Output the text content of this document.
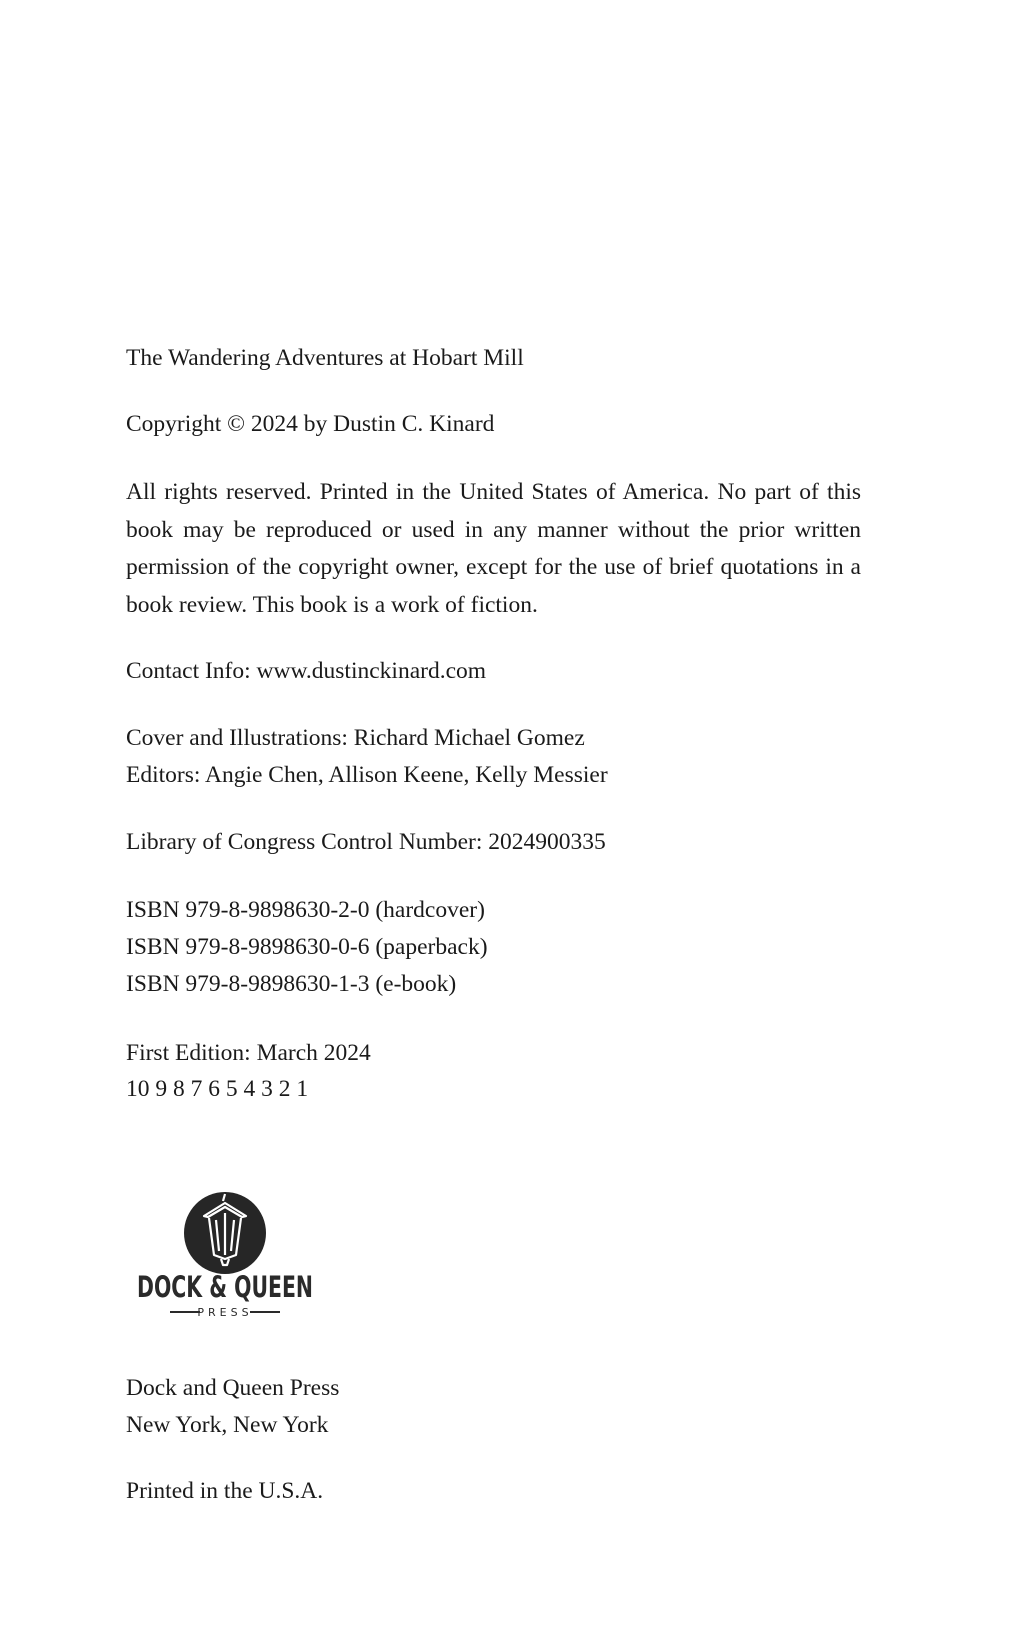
The Wandering Adventures at Hobart Mill
Copyright © 2024 by Dustin C. Kinard
All rights reserved. Printed in the United States of America. No part of this book may be reproduced or used in any manner without the prior written permission of the copyright owner, except for the use of brief quotations in a book review. This book is a work of fiction.
Contact Info: www.dustinckinard.com
Cover and Illustrations: Richard Michael Gomez
Editors: Angie Chen, Allison Keene, Kelly Messier
Library of Congress Control Number: 2024900335
ISBN 979-8-9898630-2-0 (hardcover)
ISBN 979-8-9898630-0-6 (paperback)
ISBN 979-8-9898630-1-3 (e-book)
First Edition: March 2024
10 9 8 7 6 5 4 3 2 1
DOCK & QUEEN
PRESS
Dock and Queen Press
New York, New York
Printed in the U.S.A.
